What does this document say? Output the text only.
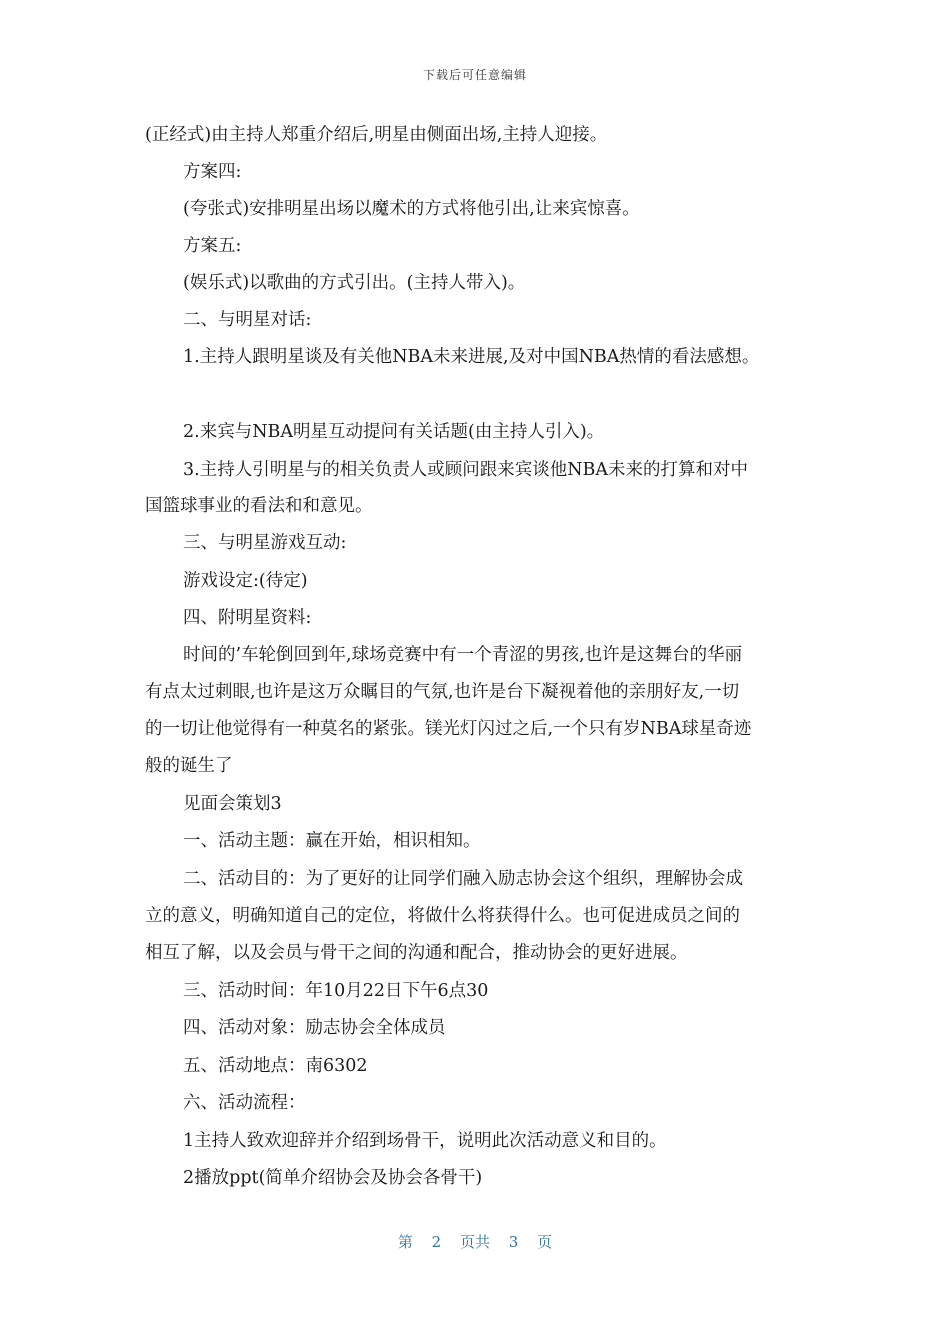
下载后可任意编辑
(正经式)由主持人郑重介绍后,明星由侧面出场,主持人迎接。
方案四:
(夸张式)安排明星出场以魔术的方式将他引出,让来宾惊喜。
方案五:
(娱乐式)以歌曲的方式引出。(主持人带入)。
二、与明星对话:
1.主持人跟明星谈及有关他NBA未来进展,及对中国NBA热情的看法感想。
2.来宾与NBA明星互动提问有关话题(由主持人引入)。
3.主持人引明星与的相关负责人或顾问跟来宾谈他NBA未来的打算和对中
国篮球事业的看法和和意见。
三、与明星游戏互动:
游戏设定:(待定)
四、附明星资料:
时间的’车轮倒回到年,球场竞赛中有一个青涩的男孩,也许是这舞台的华丽
有点太过刺眼,也许是这万众瞩目的气氛,也许是台下凝视着他的亲朋好友,一切
的一切让他觉得有一种莫名的紧张。镁光灯闪过之后,一个只有岁NBA球星奇迹
般的诞生了
见面会策划3
一、活动主题：赢在开始，相识相知。
二、活动目的：为了更好的让同学们融入励志协会这个组织，理解协会成
立的意义，明确知道自己的定位，将做什么将获得什么。也可促进成员之间的
相互了解，以及会员与骨干之间的沟通和配合，推动协会的更好进展。
三、活动时间：年10月22日下午6点30
四、活动对象：励志协会全体成员
五、活动地点：南6302
六、活动流程：
1主持人致欢迎辞并介绍到场骨干，说明此次活动意义和目的。
2播放ppt(简单介绍协会及协会各骨干)
第 2 页共 3 页
